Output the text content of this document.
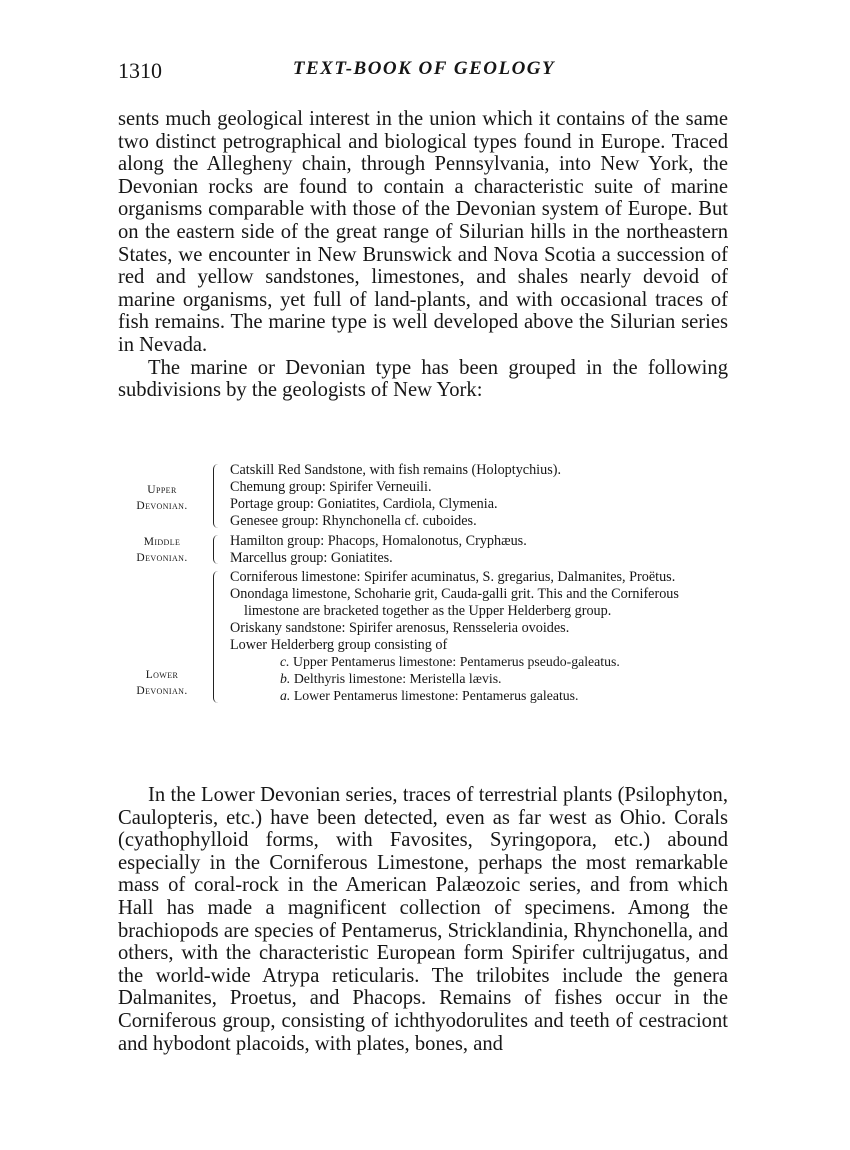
1310	TEXT-BOOK OF GEOLOGY

sents much geological interest in the union which it contains of the same two distinct petrographical and biological types found in Europe. Traced along the Allegheny chain, through Pennsylvania, into New York, the Devonian rocks are found to contain a characteristic suite of marine organisms comparable with those of the Devonian system of Europe. But on the eastern side of the great range of Silurian hills in the northeastern States, we encounter in New Brunswick and Nova Scotia a succession of red and yellow sandstones, limestones, and shales nearly devoid of marine organisms, yet full of land-plants, and with occasional traces of fish remains. The marine type is well developed above the Silurian series in Nevada.

The marine or Devonian type has been grouped in the following subdivisions by the geologists of New York:

Upper
Devonian.
Catskill Red Sandstone, with fish remains (Holoptychius).
Chemung group: Spirifer Verneuili.
Portage group: Goniatites, Cardiola, Clymenia.
Genesee group: Rhynchonella cf. cuboides.
Middle
Devonian.
Hamilton group: Phacops, Homalonotus, Cryphæus.
Marcellus group: Goniatites.
Lower
Devonian.
Corniferous limestone: Spirifer acuminatus, S. gregarius, Dalmanites, Proëtus.
Onondaga limestone, Schoharie grit, Cauda-galli grit. This and the Corniferous limestone are bracketed together as the Upper Helderberg group.
Oriskany sandstone: Spirifer arenosus, Rensseleria ovoides.
Lower Helderberg group consisting of
c. Upper Pentamerus limestone: Pentamerus pseudo-galeatus.
b. Delthyris limestone: Meristella lævis.
a. Lower Pentamerus limestone: Pentamerus galeatus.

In the Lower Devonian series, traces of terrestrial plants (Psilophyton, Caulopteris, etc.) have been detected, even as far west as Ohio. Corals (cyathophylloid forms, with Favosites, Syringopora, etc.) abound especially in the Corniferous Limestone, perhaps the most remarkable mass of coral-rock in the American Palæozoic series, and from which Hall has made a magnificent collection of specimens. Among the brachiopods are species of Pentamerus, Stricklandinia, Rhynchonella, and others, with the characteristic European form Spirifer cultrijugatus, and the world-wide Atrypa reticularis. The trilobites include the genera Dalmanites, Proetus, and Phacops. Remains of fishes occur in the Corniferous group, consisting of ichthyodorulites and teeth of cestraciont and hybodont placoids, with plates, bones, and
